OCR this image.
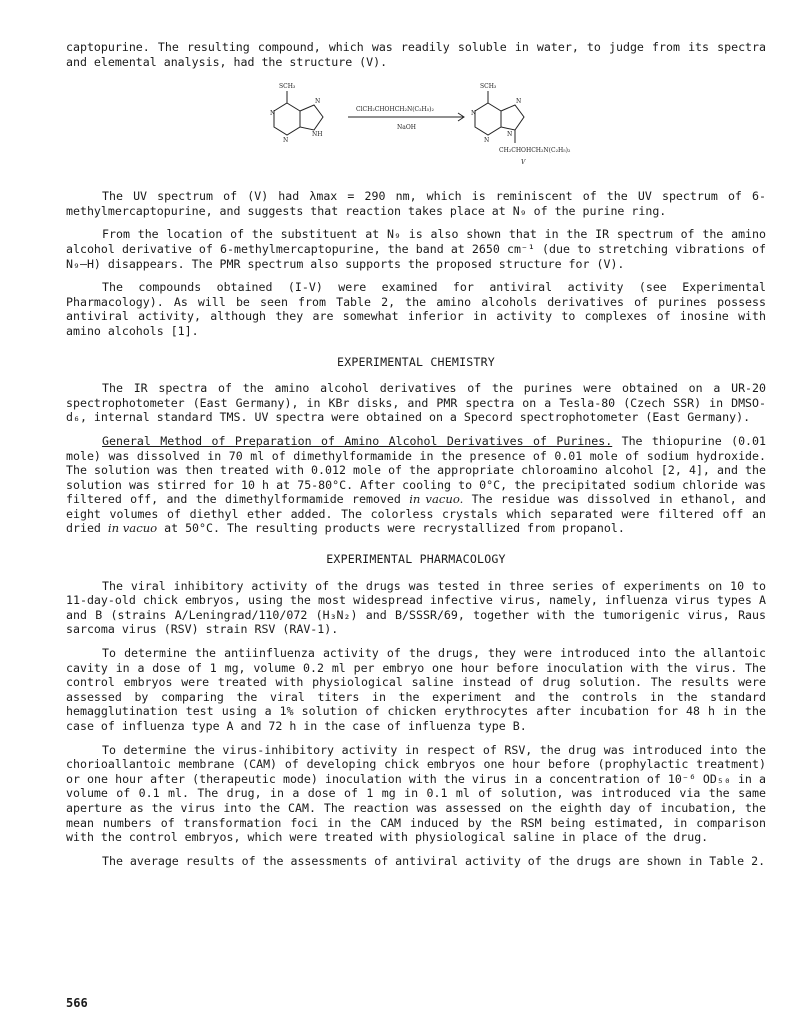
captopurine. The resulting compound, which was readily soluble in water, to judge from its spectra and elemental analysis, had the structure (V).

SCH₃
ClCH₂CHOHCH₂N(C₂H₅)₂
NaOH
SCH₃
CH₂CHOHCH₂N(C₂H₅)₂
V
N
N
NH
N
N
N
N
N

The UV spectrum of (V) had λmax = 290 nm, which is reminiscent of the UV spectrum of 6-methylmercaptopurine, and suggests that reaction takes place at N₉ of the purine ring.

From the location of the substituent at N₉ is also shown that in the IR spectrum of the amino alcohol derivative of 6-methylmercaptopurine, the band at 2650 cm⁻¹ (due to stretching vibrations of N₉—H) disappears. The PMR spectrum also supports the proposed structure for (V).

The compounds obtained (I-V) were examined for antiviral activity (see Experimental Pharmacology). As will be seen from Table 2, the amino alcohols derivatives of purines possess antiviral activity, although they are somewhat inferior in activity to complexes of inosine with amino alcohols [1].

EXPERIMENTAL CHEMISTRY

The IR spectra of the amino alcohol derivatives of the purines were obtained on a UR-20 spectrophotometer (East Germany), in KBr disks, and PMR spectra on a Tesla-80 (Czech SSR) in DMSO-d₆, internal standard TMS. UV spectra were obtained on a Specord spectrophotometer (East Germany).

General Method of Preparation of Amino Alcohol Derivatives of Purines. The thiopurine (0.01 mole) was dissolved in 70 ml of dimethylformamide in the presence of 0.01 mole of sodium hydroxide. The solution was then treated with 0.012 mole of the appropriate chloroamino alcohol [2, 4], and the solution was stirred for 10 h at 75-80°C. After cooling to 0°C, the precipitated sodium chloride was filtered off, and the dimethylformamide removed in vacuo. The residue was dissolved in ethanol, and eight volumes of diethyl ether added. The colorless crystals which separated were filtered off an dried in vacuo at 50°C. The resulting products were recrystallized from propanol.

EXPERIMENTAL PHARMACOLOGY

The viral inhibitory activity of the drugs was tested in three series of experiments on 10 to 11-day-old chick embryos, using the most widespread infective virus, namely, influenza virus types A and B (strains A/Leningrad/110/072 (H₃N₂) and B/SSSR/69, together with the tumorigenic virus, Raus sarcoma virus (RSV) strain RSV (RAV-1).

To determine the antiinfluenza activity of the drugs, they were introduced into the allantoic cavity in a dose of 1 mg, volume 0.2 ml per embryo one hour before inoculation with the virus. The control embryos were treated with physiological saline instead of drug solution. The results were assessed by comparing the viral titers in the experiment and the controls in the standard hemagglutination test using a 1% solution of chicken erythrocytes after incubation for 48 h in the case of influenza type A and 72 h in the case of influenza type B.

To determine the virus-inhibitory activity in respect of RSV, the drug was introduced into the chorioallantoic membrane (CAM) of developing chick embryos one hour before (prophylactic treatment) or one hour after (therapeutic mode) inoculation with the virus in a concentration of 10⁻⁶ OD₅₀ in a volume of 0.1 ml. The drug, in a dose of 1 mg in 0.1 ml of solution, was introduced via the same aperture as the virus into the CAM. The reaction was assessed on the eighth day of incubation, the mean numbers of transformation foci in the CAM induced by the RSM being estimated, in comparison with the control embryos, which were treated with physiological saline in place of the drug.

The average results of the assessments of antiviral activity of the drugs are shown in Table 2.

566
